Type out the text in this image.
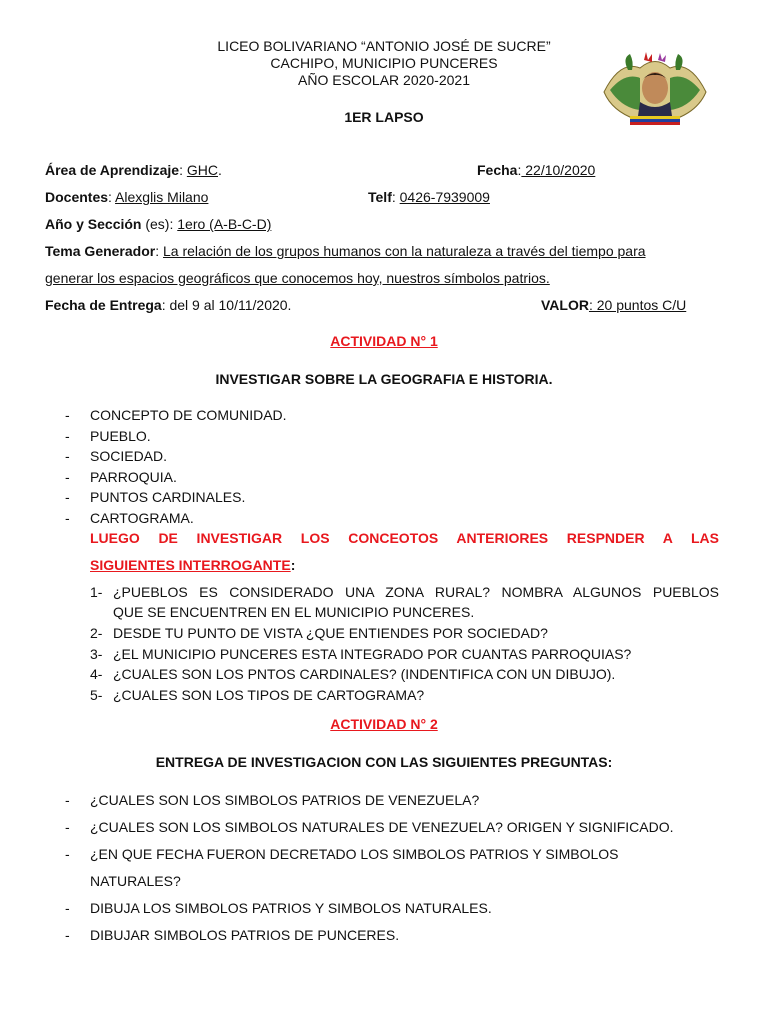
LICEO BOLIVARIANO “ANTONIO JOSÉ DE SUCRE”
CACHIPO, MUNICIPIO PUNCERES
AÑO ESCOLAR 2020-2021
1ER LAPSO
Área de Aprendizaje: GHC.	Fecha: 22/10/2020
Docentes: Alexglis Milano	Telf: 0426-7939009
Año y Sección (es): 1ero (A-B-C-D)
Tema Generador: La relación de los grupos humanos con la naturaleza a través del tiempo para
generar los espacios geográficos que conocemos hoy, nuestros símbolos patrios.
Fecha de Entrega: del 9 al 10/11/2020.	VALOR: 20 puntos C/U
ACTIVIDAD N° 1
INVESTIGAR SOBRE LA GEOGRAFIA E HISTORIA.
- CONCEPTO DE COMUNIDAD.
- PUEBLO.
- SOCIEDAD.
- PARROQUIA.
- PUNTOS CARDINALES.
- CARTOGRAMA.
LUEGO DE INVESTIGAR LOS CONCEOTOS ANTERIORES RESPNDER A LAS
SIGUIENTES INTERROGANTE:
1- ¿PUEBLOS ES CONSIDERADO UNA ZONA RURAL? NOMBRA ALGUNOS PUEBLOS
QUE SE ENCUENTREN EN EL MUNICIPIO PUNCERES.
2- DESDE TU PUNTO DE VISTA ¿QUE ENTIENDES POR SOCIEDAD?
3- ¿EL MUNICIPIO PUNCERES ESTA INTEGRADO POR CUANTAS PARROQUIAS?
4- ¿CUALES SON LOS PNTOS CARDINALES? (INDENTIFICA CON UN DIBUJO).
5- ¿CUALES SON LOS TIPOS DE CARTOGRAMA?
ACTIVIDAD N° 2
ENTREGA DE INVESTIGACION CON LAS SIGUIENTES PREGUNTAS:
- ¿CUALES SON LOS SIMBOLOS PATRIOS DE VENEZUELA?
- ¿CUALES SON LOS SIMBOLOS NATURALES DE VENEZUELA? ORIGEN Y SIGNIFICADO.
- ¿EN QUE FECHA FUERON DECRETADO LOS SIMBOLOS PATRIOS Y SIMBOLOS
NATURALES?
- DIBUJA LOS SIMBOLOS PATRIOS Y SIMBOLOS NATURALES.
- DIBUJAR SIMBOLOS PATRIOS DE PUNCERES.
